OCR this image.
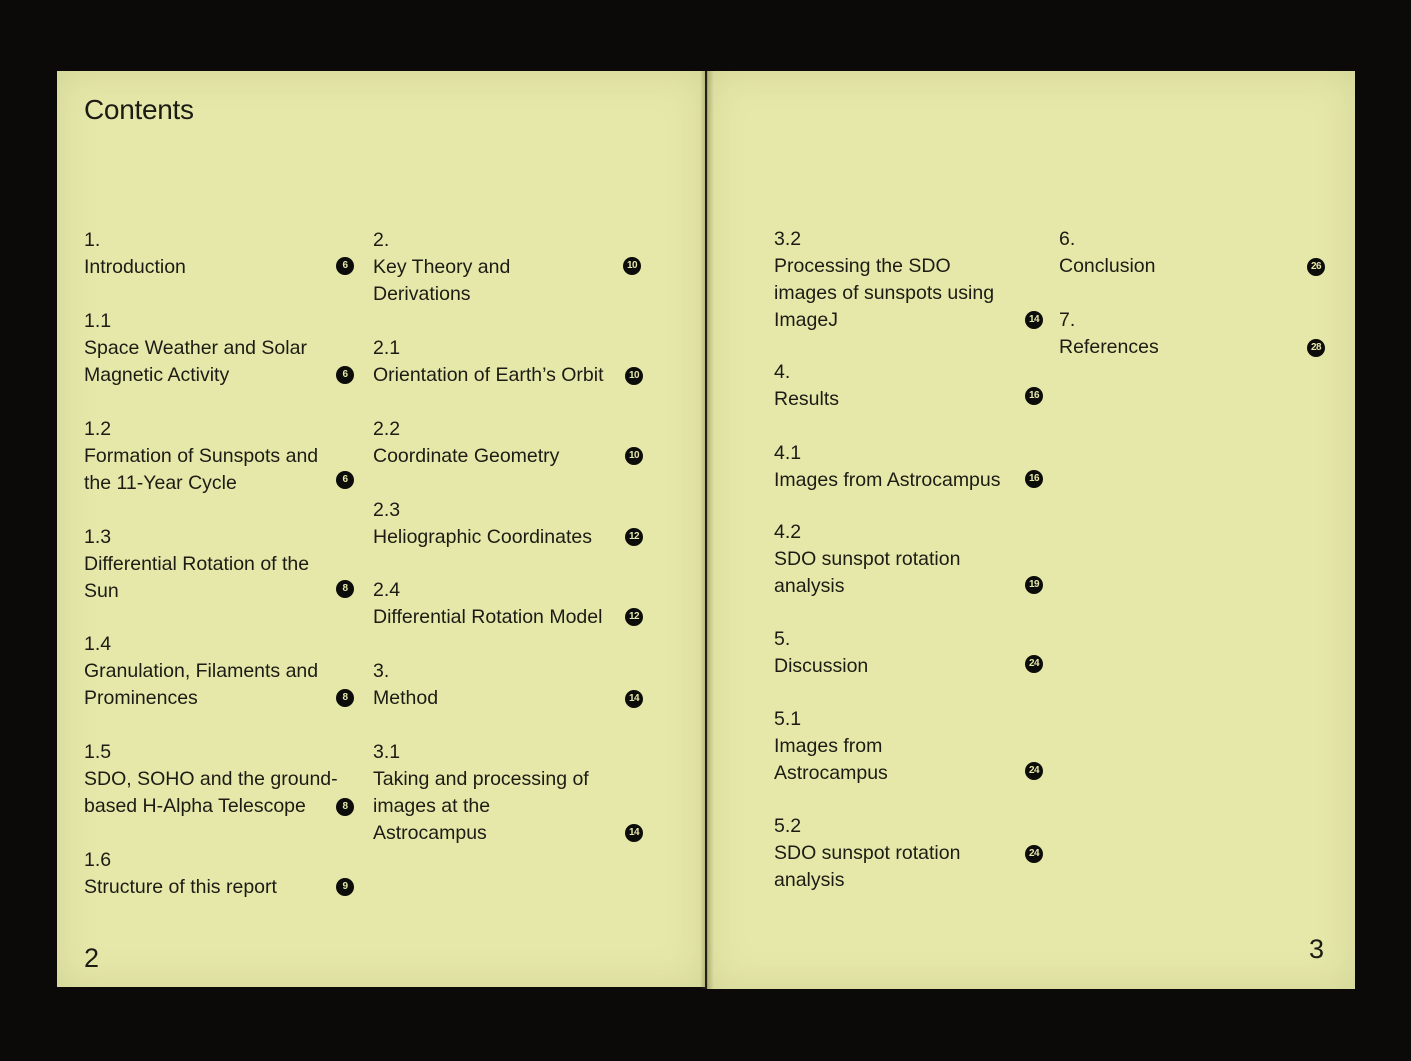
Contents
1.
Introduction	6
1.1
Space Weather and Solar
Magnetic Activity	6
1.2
Formation of Sunspots and
the 11-Year Cycle	6
1.3
Differential Rotation of the
Sun	8
1.4
Granulation, Filaments and
Prominences	8
1.5
SDO, SOHO and the ground-
based H-Alpha Telescope	8
1.6
Structure of this report	9
2.
Key Theory and
Derivations
10
2.1
Orientation of Earth’s Orbit	10
2.2
Coordinate Geometry	10
2.3
Heliographic Coordinates	12
2.4
Differential Rotation Model	12
3.
Method	14
3.1
Taking and processing of
images at the
Astrocampus	14
3.2
Processing the SDO
images of sunspots using
ImageJ	14
4.
Results	16
4.1
Images from Astrocampus	16
4.2
SDO sunspot rotation
analysis	19
5.
Discussion	24
5.1
Images from
Astrocampus	24
5.2
SDO sunspot rotation
analysis
24
6.
Conclusion	26
7.
References	28
2	3
